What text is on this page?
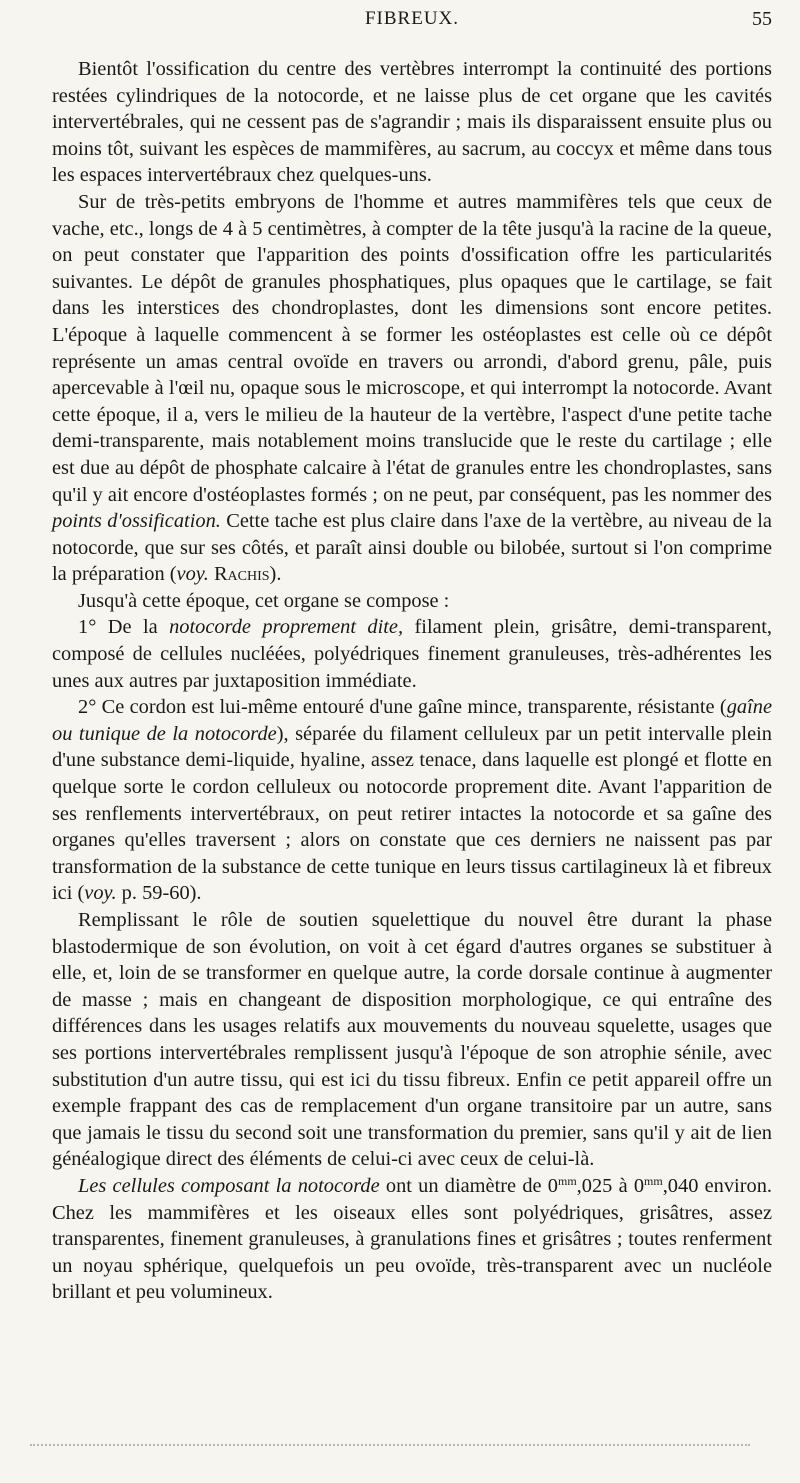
FIBREUX.	55

Bientôt l'ossification du centre des vertèbres interrompt la continuité des portions restées cylindriques de la notocorde, et ne laisse plus de cet organe que les cavités intervertébrales, qui ne cessent pas de s'agrandir ; mais ils disparaissent ensuite plus ou moins tôt, suivant les espèces de mammifères, au sacrum, au coccyx et même dans tous les espaces intervertébraux chez quelques-uns.

Sur de très-petits embryons de l'homme et autres mammifères tels que ceux de vache, etc., longs de 4 à 5 centimètres, à compter de la tête jusqu'à la racine de la queue, on peut constater que l'apparition des points d'ossification offre les particularités suivantes. Le dépôt de granules phosphatiques, plus opaques que le cartilage, se fait dans les interstices des chondroplastes, dont les dimensions sont encore petites. L'époque à laquelle commencent à se former les ostéoplastes est celle où ce dépôt représente un amas central ovoïde en travers ou arrondi, d'abord grenu, pâle, puis apercevable à l'œil nu, opaque sous le microscope, et qui interrompt la notocorde. Avant cette époque, il a, vers le milieu de la hauteur de la vertèbre, l'aspect d'une petite tache demi-transparente, mais notablement moins translucide que le reste du cartilage ; elle est due au dépôt de phosphate calcaire à l'état de granules entre les chondroplastes, sans qu'il y ait encore d'ostéoplastes formés ; on ne peut, par conséquent, pas les nommer des points d'ossification. Cette tache est plus claire dans l'axe de la vertèbre, au niveau de la notocorde, que sur ses côtés, et paraît ainsi double ou bilobée, surtout si l'on comprime la préparation (voy. Rachis).

Jusqu'à cette époque, cet organe se compose :

1° De la notocorde proprement dite, filament plein, grisâtre, demi-transparent, composé de cellules nucléées, polyédriques finement granuleuses, très-adhérentes les unes aux autres par juxtaposition immédiate.

2° Ce cordon est lui-même entouré d'une gaîne mince, transparente, résistante (gaîne ou tunique de la notocorde), séparée du filament celluleux par un petit intervalle plein d'une substance demi-liquide, hyaline, assez tenace, dans laquelle est plongé et flotte en quelque sorte le cordon celluleux ou notocorde proprement dite. Avant l'apparition de ses renflements intervertébraux, on peut retirer intactes la notocorde et sa gaîne des organes qu'elles traversent ; alors on constate que ces derniers ne naissent pas par transformation de la substance de cette tunique en leurs tissus cartilagineux là et fibreux ici (voy. p. 59-60).

Remplissant le rôle de soutien squelettique du nouvel être durant la phase blastodermique de son évolution, on voit à cet égard d'autres organes se substituer à elle, et, loin de se transformer en quelque autre, la corde dorsale continue à augmenter de masse ; mais en changeant de disposition morphologique, ce qui entraîne des différences dans les usages relatifs aux mouvements du nouveau squelette, usages que ses portions intervertébrales remplissent jusqu'à l'époque de son atrophie sénile, avec substitution d'un autre tissu, qui est ici du tissu fibreux. Enfin ce petit appareil offre un exemple frappant des cas de remplacement d'un organe transitoire par un autre, sans que jamais le tissu du second soit une transformation du premier, sans qu'il y ait de lien généalogique direct des éléments de celui-ci avec ceux de celui-là.

Les cellules composant la notocorde ont un diamètre de $0^{mm},025$ à $0^{mm},040$ environ. Chez les mammifères et les oiseaux elles sont polyédriques, grisâtres, assez transparentes, finement granuleuses, à granulations fines et grisâtres ; toutes renferment un noyau sphérique, quelquefois un peu ovoïde, très-transparent avec un nucléole brillant et peu volumineux.
